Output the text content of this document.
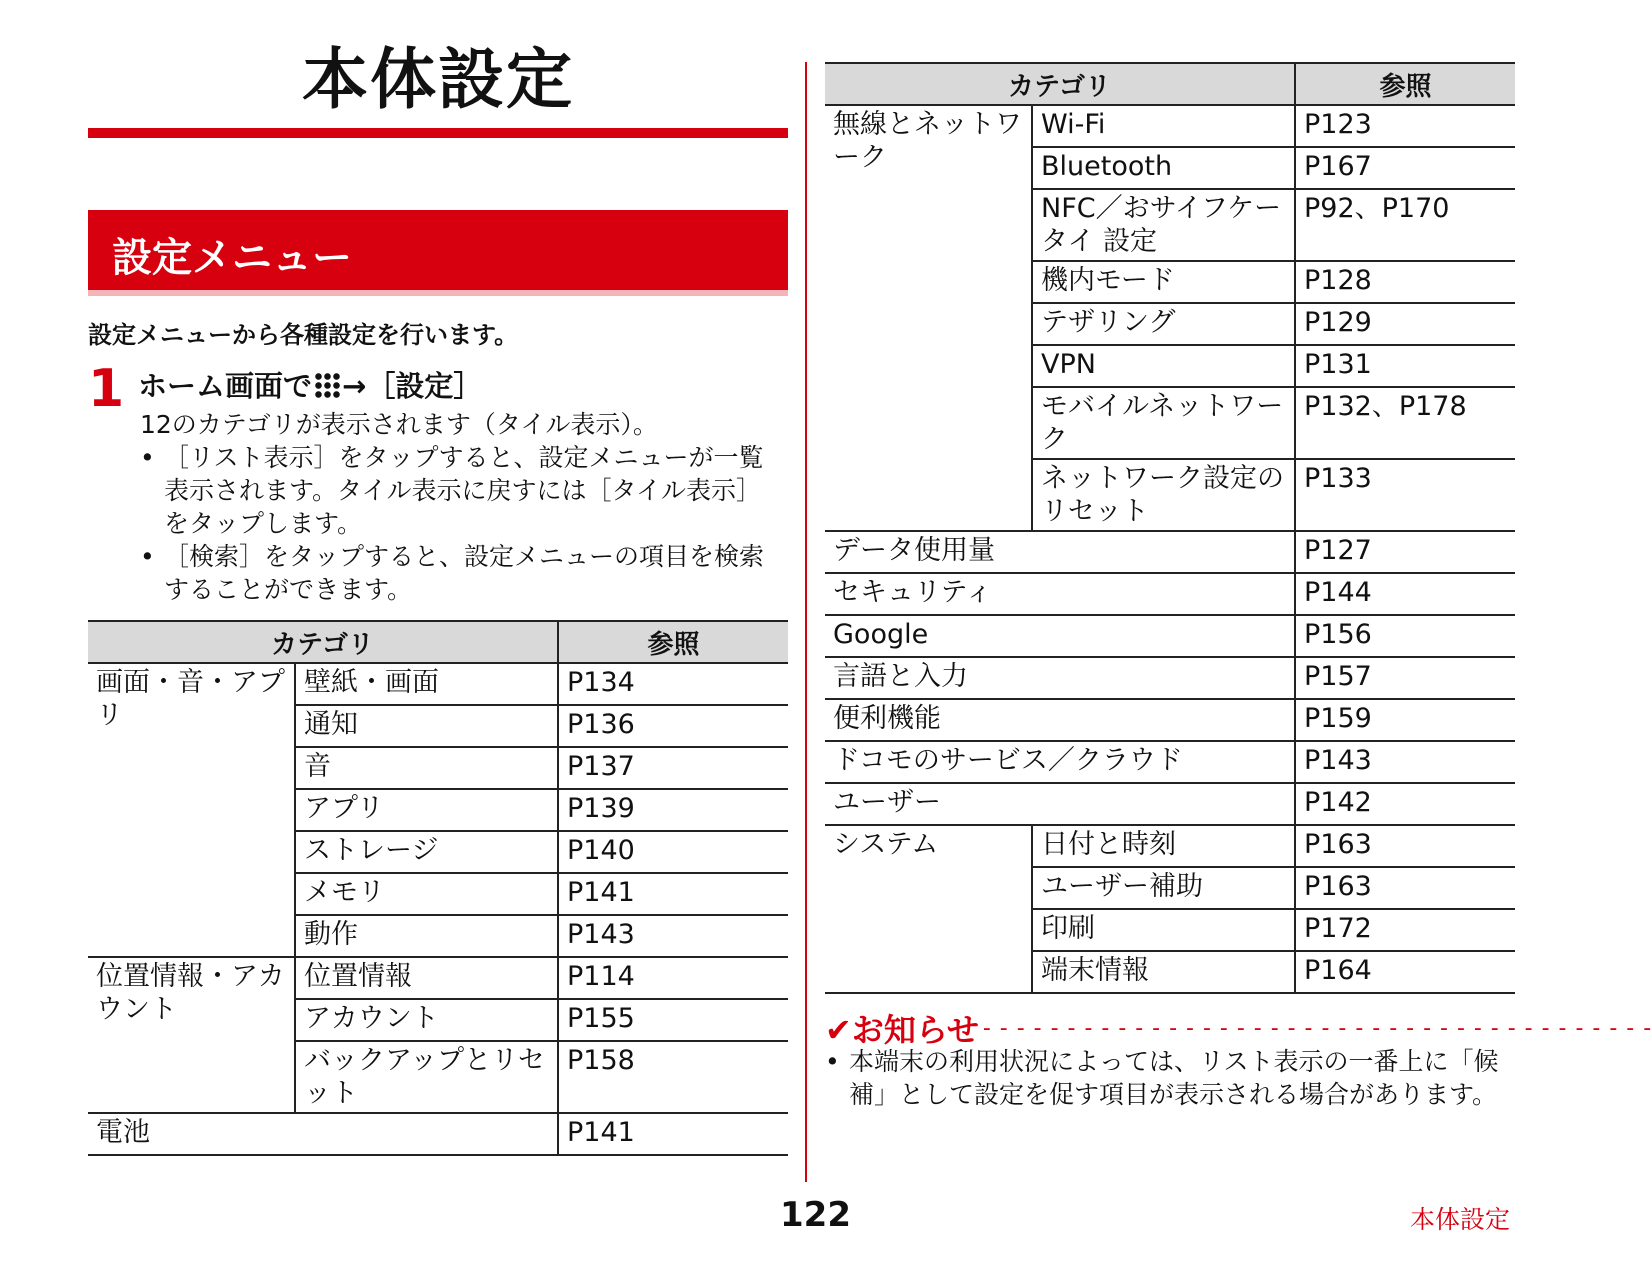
本体設定
設定メニュー
設定メニューから各種設定を行います。
1 ホーム画面で →［設定］
12のカテゴリが表示されます（タイル表示）。
• ［リスト表示］をタップすると、設定メニューが一覧表示されます。タイル表示に戻すには［タイル表示］をタップします。
• ［検索］をタップすると、設定メニューの項目を検索することができます。
カテゴリ		参照
画面・音・アプリ	壁紙・画面	P134
	通知	P136
	音	P137
	アプリ	P139
	ストレージ	P140
	メモリ	P141
	動作	P143
位置情報・アカウント	位置情報	P114
	アカウント	P155
	バックアップとリセット	P158
電池		P141
カテゴリ		参照
無線とネットワーク	Wi-Fi	P123
	Bluetooth	P167
	NFC／おサイフケータイ 設定	P92、P170
	機内モード	P128
	テザリング	P129
	VPN	P131
	モバイルネットワーク	P132、P178
	ネットワーク設定のリセット	P133
データ使用量		P127
セキュリティ		P144
Google		P156
言語と入力		P157
便利機能		P159
ドコモのサービス／クラウド		P143
ユーザー		P142
システム	日付と時刻	P163
	ユーザー補助	P163
	印刷	P172
	端末情報	P164
✔お知らせ - - - - - - - - - - - - - - - - - - - - - - - - - - - - - - - - - - - - - - - -
• 本端末の利用状況によっては、リスト表示の一番上に「候補」として設定を促す項目が表示される場合があります。
122	本体設定
